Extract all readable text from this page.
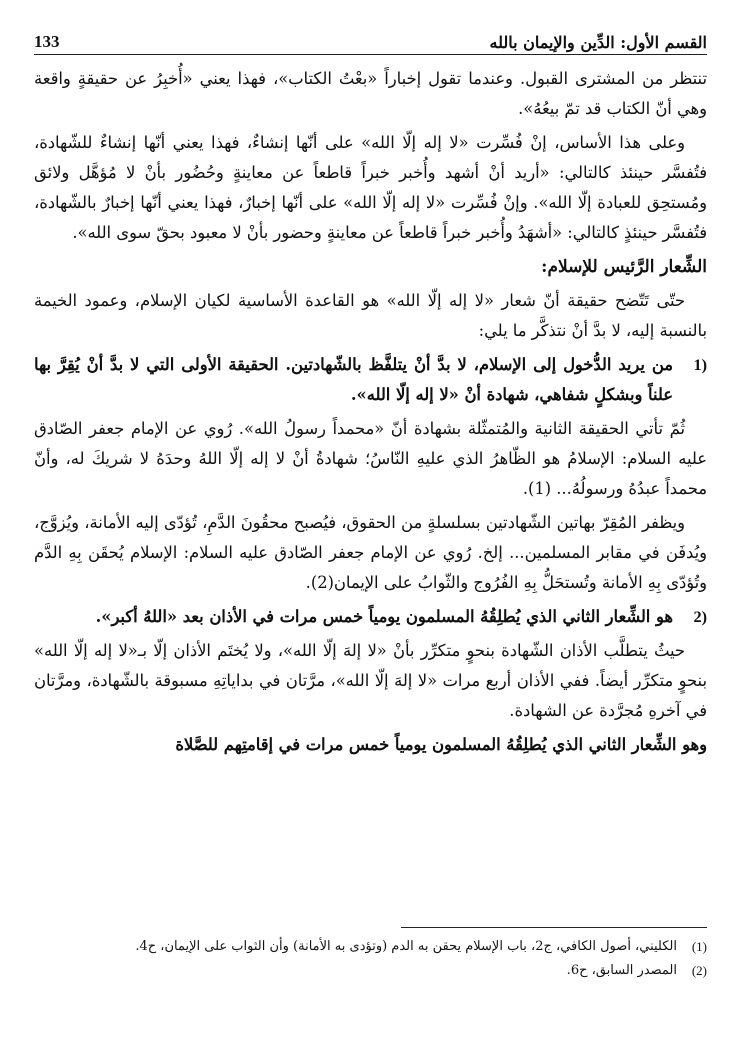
133	القسم الأول: الدِّين والإيمان بالله

تنتظر من المشترى القبول. وعندما تقول إخباراً «بعْتُ الكتاب»، فهذا يعني «أُخبِرُ عن حقيقةٍ واقعة وهي أنّ الكتاب قد تمّ بيعُهُ».

وعلى هذا الأساس، إنْ فُسِّرت «لا إله إلّا الله» على أنّها إنشاءٌ، فهذا يعني أنّها إنشاءٌ للشّهادة، فتُفسَّر حينئذ كالتالي: «أريد أنْ أشهد وأُخبر خبراً قاطعاً عن معاينةٍ وحُضُور بأنْ لا مُؤهَّل ولائق ومُستحِق للعبادة إلّا الله». وإنْ فُسِّرت «لا إله إلّا الله» على أنّها إخبارٌ، فهذا يعني أنّها إخبارٌ بالشّهادة، فتُفسَّر حينئذٍ كالتالي: «أشهَدُ وأُخبر خبراً قاطعاً عن معاينةٍ وحضور بأنْ لا معبود بحقّ سوى الله».

الشِّعار الرَّئيس للإسلام:

حتّى تَتّضح حقيقة أنّ شعار «لا إله إلّا الله» هو القاعدة الأساسية لكيان الإسلام، وعمود الخيمة بالنسبة إليه، لا بدَّ أنْ نتذكَّر ما يلي:

(1
من يريد الدُّخول إلى الإسلام، لا بدَّ أنْ يتلفَّظ بالشّهادتين. الحقيقة الأولى التي لا بدَّ أنْ يُقِرَّ بها علناً وبشكلٍ شفاهي، شهادة أنْ «لا إله إلّا الله».

ثُمّ تأتي الحقيقة الثانية والمُتمثّلة بشهادة أنّ «محمداً رسولُ الله». رُوي عن الإمام جعفر الصّادق عليه السلام: الإسلامُ هو الظّاهرُ الذي عليهِ النّاسُ؛ شهادةُ أنْ لا إله إلّا اللهُ وحدَهُ لا شريكَ له، وأنّ محمداً عبدُهُ ورسولُهُ... (1).

ويظفر المُقِرّ بهاتين الشّهادتين بسلسلةٍ من الحقوق، فيُصبح محقُونَ الدَّمِ، تُؤدّى إليه الأمانة، ويُزوَّج، ويُدفَن في مقابر المسلمين... إلخ. رُوي عن الإمام جعفر الصّادق عليه السلام: الإسلام يُحقَن بِهِ الدَّم وتُؤدّى بِهِ الأمانة وتُستحَلُّ بِهِ الفُرُوج والثّوابُ على الإيمان(2).

(2
هو الشِّعار الثاني الذي يُطلِقُهُ المسلمون يومياً خمس مرات في الأذان بعد «اللهُ أكبر».

حيثُ يتطلَّب الأذان الشّهادة بنحوٍ متكرِّر بأنْ «لا إلهَ إلّا الله»، ولا يُختَم الأذان إلّا بـ«لا إله إلّا الله» بنحوٍ متكرِّر أيضاً. ففي الأذان أربع مرات «لا إلهَ إلّا الله»، مرَّتان في بداياتِهِ مسبوقة بالشّهادة، ومرَّتان في آخرهِ مُجرَّدة عن الشهادة.

وهو الشِّعار الثاني الذي يُطلِقُهُ المسلمون يومياً خمس مرات في إقامتِهم للصَّلاة

(1)
الكليني، أصول الكافي، ج2، باب الإسلام يحقن به الدم (وتؤدى به الأمانة) وأن الثواب على الإيمان، ح4.
(2)
المصدر السابق، ح6.
